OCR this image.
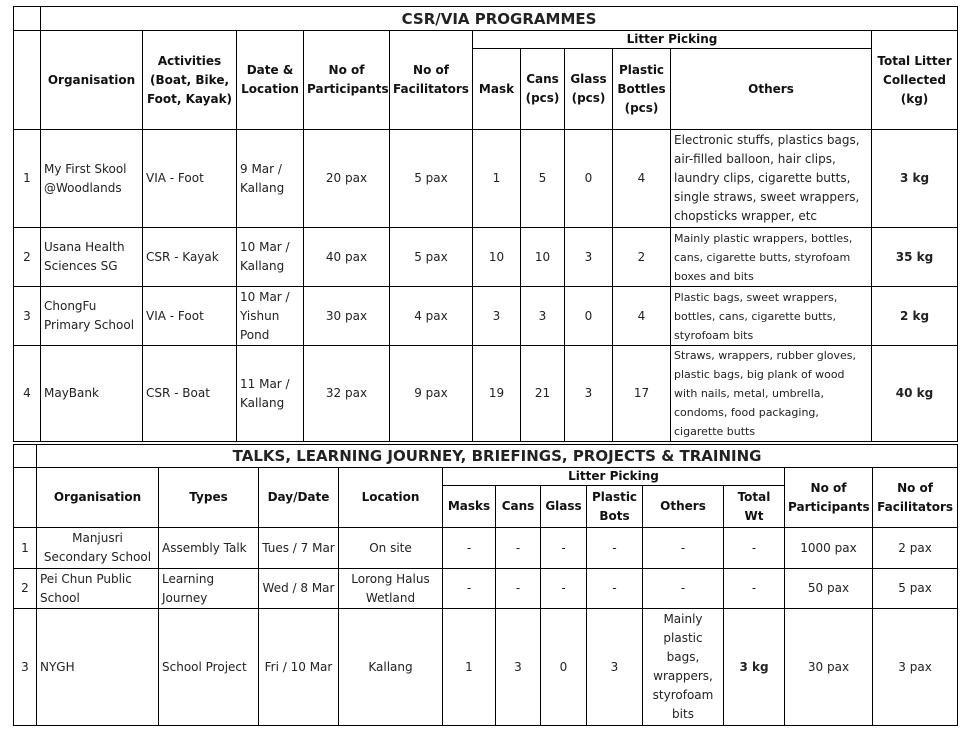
	CSR/VIA PROGRAMMES										
	Organisation	Activities (Boat, Bike, Foot, Kayak)	Date & Location	No of Participants	No of Facilitators	Litter Picking					Total Litter Collected (kg)
						Mask	Cans (pcs)	Glass (pcs)	Plastic Bottles (pcs)	Others	
1	My First Skool @Woodlands	VIA - Foot	9 Mar / Kallang	20 pax	5 pax	1	5	0	4	Electronic stuffs, plastics bags, air-filled balloon, hair clips, laundry clips, cigarette butts, single straws, sweet wrappers, chopsticks wrapper, etc	3 kg
2	Usana Health Sciences SG	CSR - Kayak	10 Mar / Kallang	40 pax	5 pax	10	10	3	2	Mainly plastic wrappers, bottles, cans, cigarette butts, styrofoam boxes and bits	35 kg
3	ChongFu Primary School	VIA - Foot	10 Mar / Yishun Pond	30 pax	4 pax	3	3	0	4	Plastic bags, sweet wrappers, bottles, cans, cigarette butts, styrofoam bits	2 kg
4	MayBank	CSR - Boat	11 Mar / Kallang	32 pax	9 pax	19	21	3	17	Straws, wrappers, rubber gloves, plastic bags, big plank of wood with nails, metal, umbrella, condoms, food packaging, cigarette butts	40 kg
	TALKS, LEARNING JOURNEY, BRIEFINGS, PROJECTS & TRAINING											
	Organisation	Types	Day/Date	Location	Litter Picking						No of Participants	No of Facilitators
					Masks	Cans	Glass	Plastic Bots	Others	Total Wt		
1	Manjusri Secondary School	Assembly Talk	Tues / 7 Mar	On site	-	-	-	-	-	-	1000 pax	2 pax
2	Pei Chun Public School	Learning Journey	Wed / 8 Mar	Lorong Halus Wetland	-	-	-	-	-	-	50 pax	5 pax
3	NYGH	School Project	Fri / 10 Mar	Kallang	1	3	0	3	Mainly plastic bags, wrappers, styrofoam bits	3 kg	30 pax	3 pax
